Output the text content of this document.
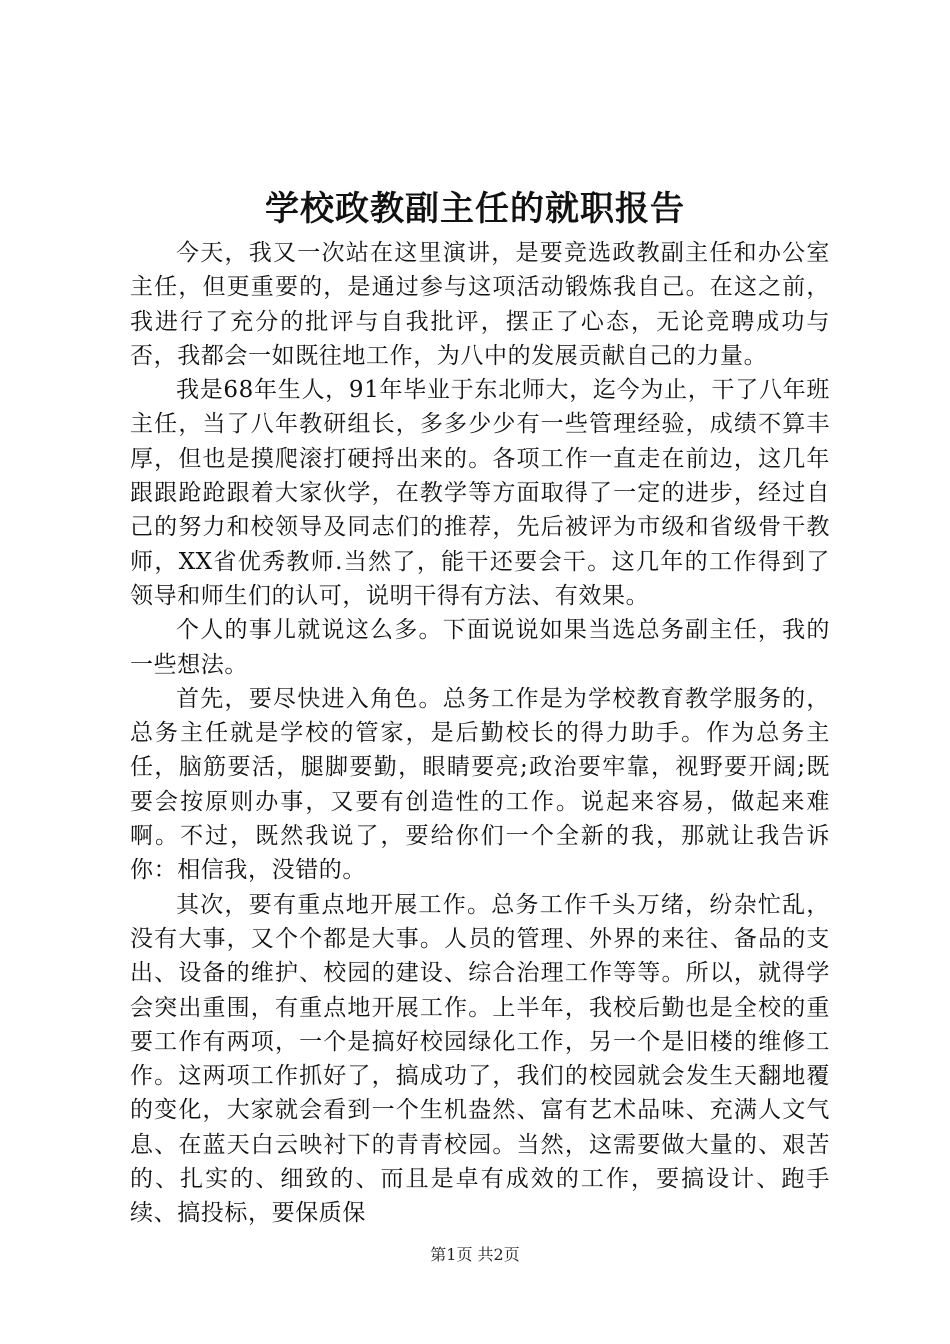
学校政教副主任的就职报告

今天，我又一次站在这里演讲，是要竞选政教副主任和办公室主任，但更重要的，是通过参与这项活动锻炼我自己。在这之前，我进行了充分的批评与自我批评，摆正了心态，无论竞聘成功与否，我都会一如既往地工作，为八中的发展贡献自己的力量。

我是68年生人，91年毕业于东北师大，迄今为止，干了八年班主任，当了八年教研组长，多多少少有一些管理经验，成绩不算丰厚，但也是摸爬滚打硬捋出来的。各项工作一直走在前边，这几年跟跟跄跄跟着大家伙学，在教学等方面取得了一定的进步，经过自己的努力和校领导及同志们的推荐，先后被评为市级和省级骨干教师，XX省优秀教师.当然了，能干还要会干。这几年的工作得到了领导和师生们的认可，说明干得有方法、有效果。

个人的事儿就说这么多。下面说说如果当选总务副主任，我的一些想法。

首先，要尽快进入角色。总务工作是为学校教育教学服务的，总务主任就是学校的管家，是后勤校长的得力助手。作为总务主任，脑筋要活，腿脚要勤，眼睛要亮;政治要牢靠，视野要开阔;既要会按原则办事，又要有创造性的工作。说起来容易，做起来难啊。不过，既然我说了，要给你们一个全新的我，那就让我告诉你：相信我，没错的。

其次，要有重点地开展工作。总务工作千头万绪，纷杂忙乱，没有大事，又个个都是大事。人员的管理、外界的来往、备品的支出、设备的维护、校园的建设、综合治理工作等等。所以，就得学会突出重围，有重点地开展工作。上半年，我校后勤也是全校的重要工作有两项，一个是搞好校园绿化工作，另一个是旧楼的维修工作。这两项工作抓好了，搞成功了，我们的校园就会发生天翻地覆的变化，大家就会看到一个生机盎然、富有艺术品味、充满人文气息、在蓝天白云映衬下的青青校园。当然，这需要做大量的、艰苦的、扎实的、细致的、而且是卓有成效的工作，要搞设计、跑手续、搞投标，要保质保

第1页 共2页
